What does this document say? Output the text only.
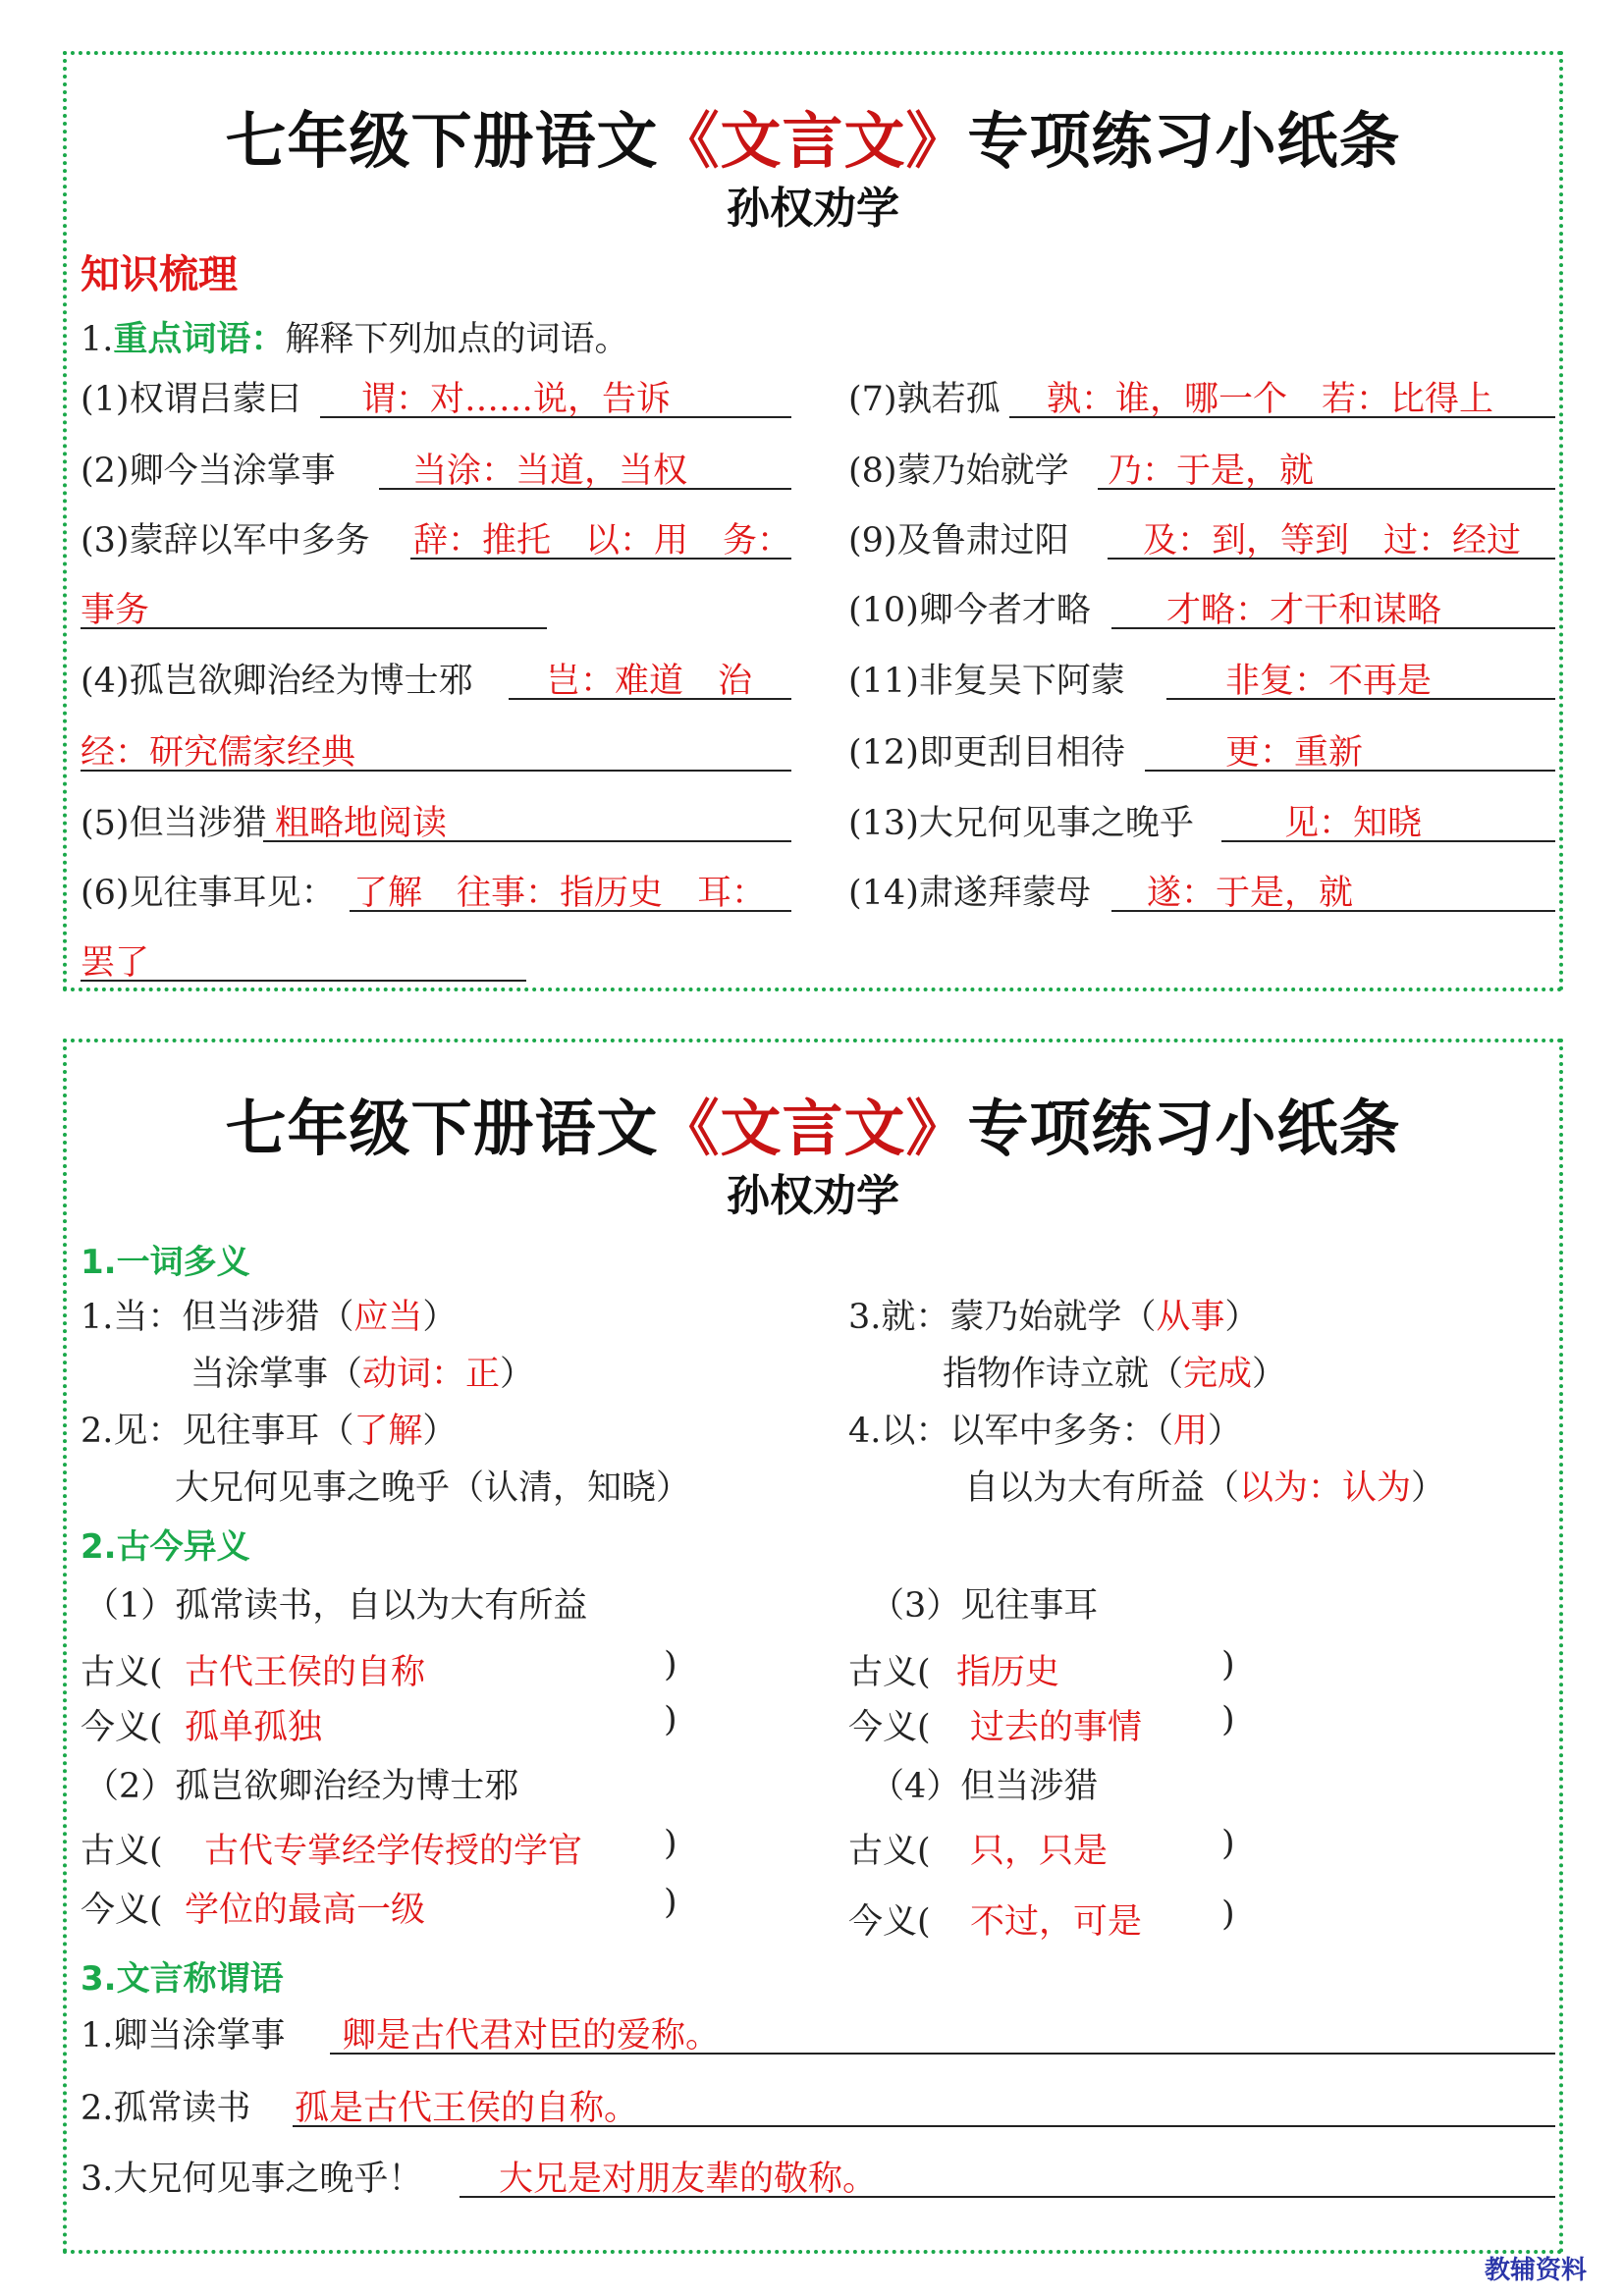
七年级下册语文《文言文》专项练习小纸条
孙权劝学
知识梳理
1.重点词语：解释下列加点的词语。
(1)权谓吕蒙曰 谓：对……说，告诉
(2)卿今当涂掌事 当涂：当道，当权
(3)蒙辞以军中多务 辞：推托　以：用　务：
事务
(4)孤岂欲卿治经为博士邪 岂：难道　治
经：研究儒家经典
(5)但当涉猎 粗略地阅读
(6)见往事耳见： 了解　往事：指历史　耳：
罢了
(7)孰若孤 孰：谁，哪一个　若：比得上
(8)蒙乃始就学 乃：于是，就
(9)及鲁肃过阳 及：到，等到　过：经过
(10)卿今者才略 才略：才干和谋略
(11)非复吴下阿蒙	非复：不再是
(12)即更刮目相待	更：重新
(13)大兄何见事之晚乎	见：知晓
(14)肃遂拜蒙母 遂：于是，就
七年级下册语文《文言文》专项练习小纸条
孙权劝学
1.一词多义
1.当：但当涉猎（应当）
当涂掌事（动词：正）
2.见：见往事耳（了解）
大兄何见事之晚乎（认清，知晓）
3.就：蒙乃始就学（从事）
指物作诗立就（完成）
4.以：以军中多务：（用）
自以为大有所益（以为：认为）
2.古今异义
（1）孤常读书，自以为大有所益
古义( 古代王侯的自称	)
今义( 孤单孤独	)
（3）见往事耳
古义( 指历史	)
今义( 过去的事情 )
（2）孤岂欲卿治经为博士邪
古义( 古代专掌经学传授的学官 )
今义( 学位的最高一级	)
（4）但当涉猎
古义( 只，只是	)
今义( 不过，可是 )
3.文言称谓语
1.卿当涂掌事 卿是古代君对臣的爱称。
2.孤常读书 孤是古代王侯的自称。
3.大兄何见事之晚乎！ 大兄是对朋友辈的敬称。
教辅资料
